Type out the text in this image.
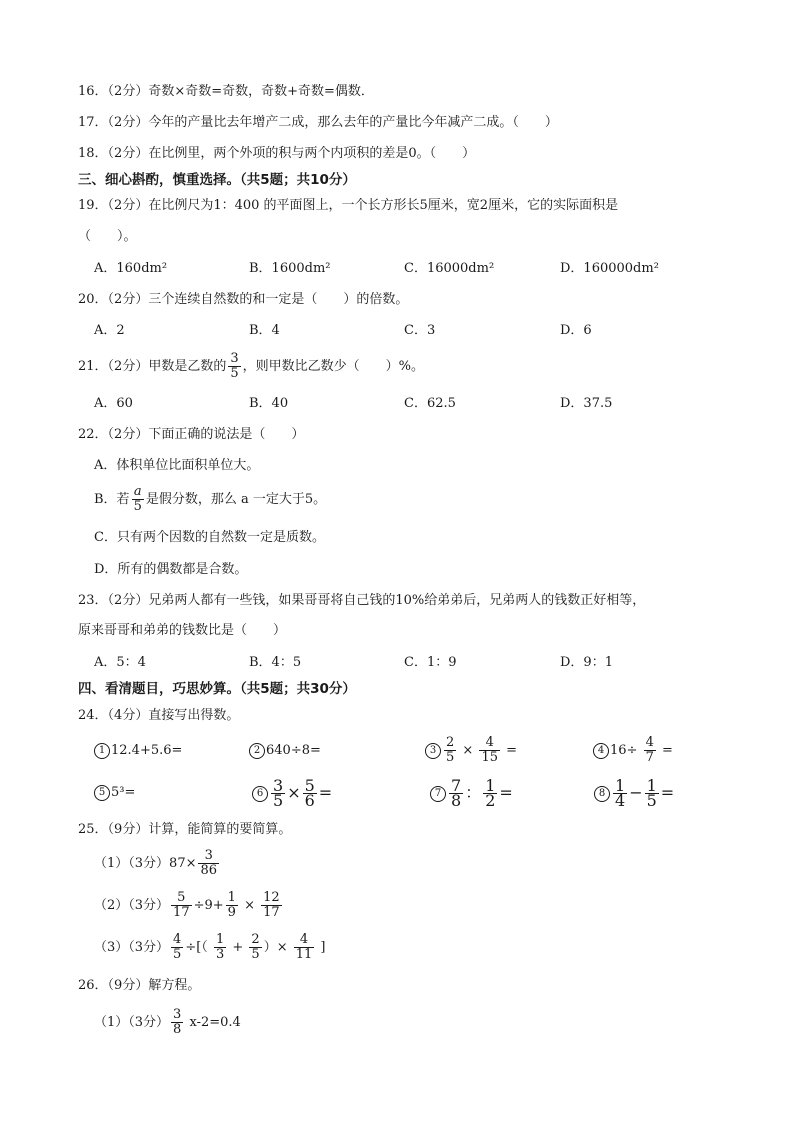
16．（2分）奇数×奇数=奇数，奇数+奇数=偶数．
17．（2分）今年的产量比去年增产二成，那么去年的产量比今年减产二成。（　　）
18．（2分）在比例里，两个外项的积与两个内项积的差是0。（　　）
三、细心斟酌，慎重选择。（共5题；共10分）
19．（2分）在比例尺为1：400 的平面图上，一个长方形长5厘米，宽2厘米，它的实际面积是
（　　）。
A．160dm²	B．1600dm²	C．16000dm²	D．160000dm²
20．（2分）三个连续自然数的和一定是（　　）的倍数。
A．2	B．4	C．3	D．6
21．（2分）甲数是乙数的 $\frac{3}{5}$ ，则甲数比乙数少（　　）%。
A．60	B．40	C．62.5	D．37.5
22．（2分）下面正确的说法是（　　）
A．体积单位比面积单位大。
B．若 $\frac{a}{5}$ 是假分数，那么 a 一定大于5。
C．只有两个因数的自然数一定是质数。
D．所有的偶数都是合数。
23．（2分）兄弟两人都有一些钱，如果哥哥将自己钱的10%给弟弟后，兄弟两人的钱数正好相等，
原来哥哥和弟弟的钱数比是（　　）
A．5：4	B．4：5	C．1：9	D．9：1
四、看清题目，巧思妙算。（共5题；共30分）
24．（4分）直接写出得数。
1 12.4+5.6=	2 640÷8=	$3 \frac{2}{5} \times \frac{4}{15}$ =	4 $16\div \frac{4}{7}$ =
5 5³=	$6 \frac{3}{5} \times \frac{5}{6}$ =	$7 \frac{7}{8}$ ： $\frac{1}{2}$ =	$8 \frac{1}{4} - \frac{1}{5}$ =
25．（9分）计算，能简算的要简算。
（1）（3分）$87\times \frac{3}{86}$
（2）（3分） $\frac{5}{17} \div 9+ \frac{1}{9} \times \frac{12}{17}$
（3）（3分） $\frac{4}{5}$ ÷[（ $\frac{1}{3} + \frac{2}{5}$ ）× $\frac{4}{11}$ ]
26．（9分）解方程。
（1）（3分） $\frac{3}{8} x-2=0.4$
